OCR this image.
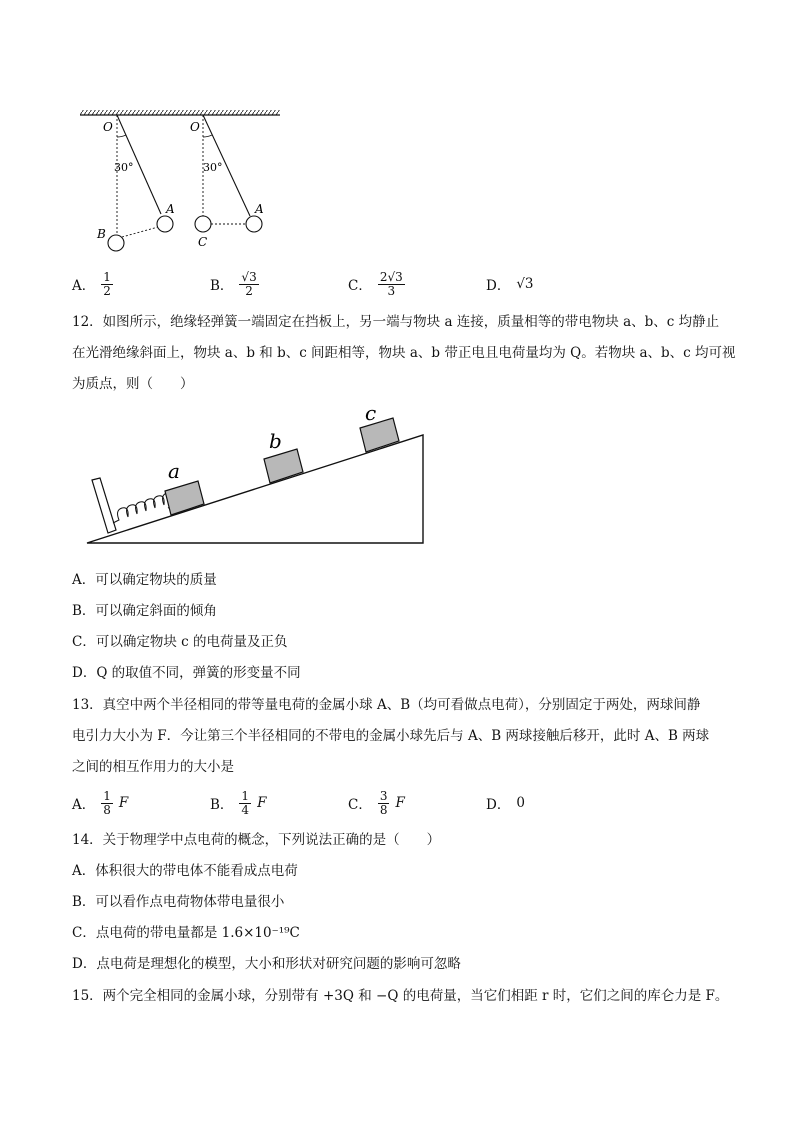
O
30°
A
B
O
30°
A
C
A． $\frac{1}{2}$	B． $\frac{√3}{2}$	C． $\frac{2√3}{3}$	D． √3
12．如图所示，绝缘轻弹簧一端固定在挡板上，另一端与物块 a 连接，质量相等的带电物块 a、b、c 均静止
在光滑绝缘斜面上，物块 a、b 和 b、c 间距相等，物块 a、b 带正电且电荷量均为 Q。若物块 a、b、c 均可视
为质点，则（　　）
a
b
c
A．可以确定物块的质量
B．可以确定斜面的倾角
C．可以确定物块 c 的电荷量及正负
D．Q 的取值不同，弹簧的形变量不同
13．真空中两个半径相同的带等量电荷的金属小球 A、B（均可看做点电荷），分别固定于两处，两球间静
电引力大小为 F．今让第三个半径相同的不带电的金属小球先后与 A、B 两球接触后移开，此时 A、B 两球
之间的相互作用力的大小是
A． $\frac{1}{8}$ F	B． $\frac{1}{4}$ F	C． $\frac{3}{8}$ F	D． 0
14．关于物理学中点电荷的概念，下列说法正确的是（　　）
A．体积很大的带电体不能看成点电荷
B．可以看作点电荷物体带电量很小
C．点电荷的带电量都是 1.6×10⁻¹⁹C
D．点电荷是理想化的模型，大小和形状对研究问题的影响可忽略
15．两个完全相同的金属小球，分别带有 +3Q 和 −Q 的电荷量，当它们相距 r 时，它们之间的库仑力是 F。
